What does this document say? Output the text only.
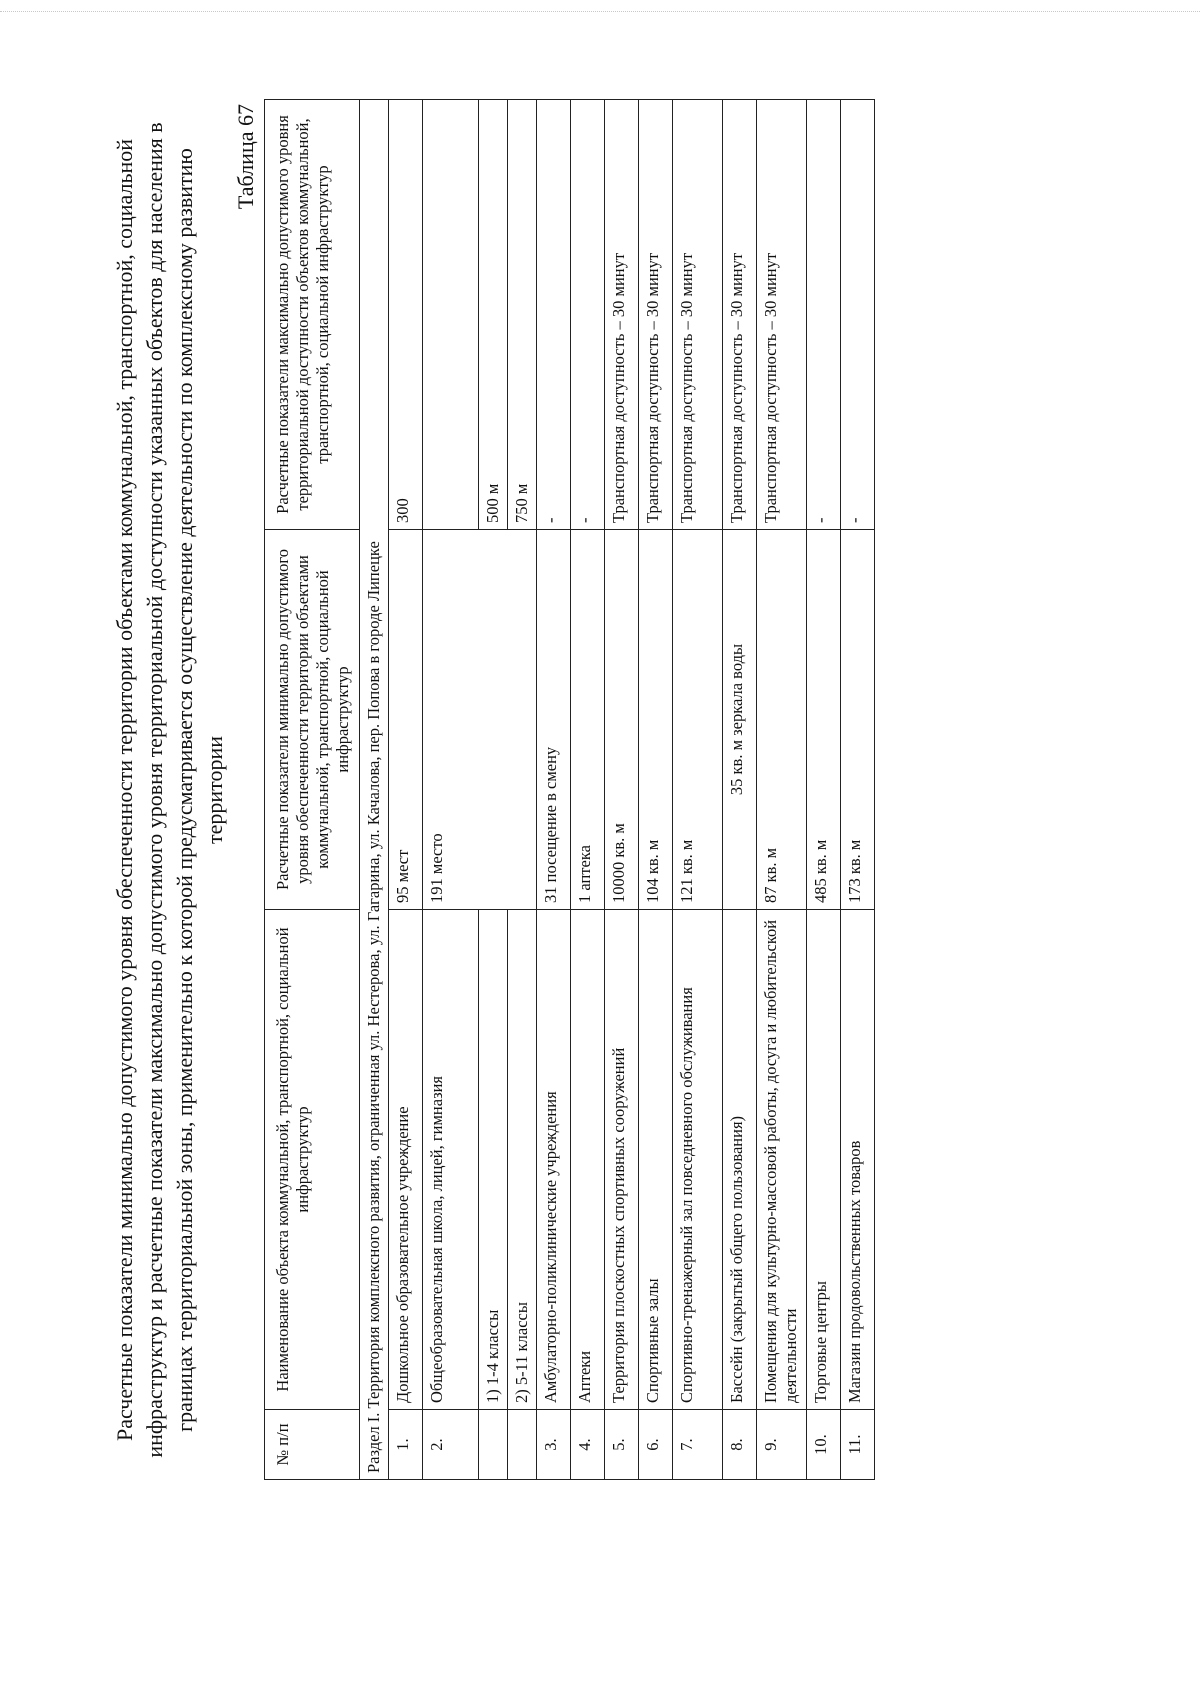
Расчетные показатели минимально допустимого уровня обеспеченности территории объектами коммунальной, транспортной, социальной инфраструктур и расчетные показатели максимально допустимого уровня территориальной доступности указанных объектов для населения в границах территориальной зоны, применительно к которой предусматривается осуществление деятельности по комплексному развитию территории
Таблица 67
№ п/п	Наименование объекта коммунальной, транспортной, социальной инфраструктур	Расчетные показатели минимально допустимого уровня обеспеченности территории объектами коммунальной, транспортной, социальной инфраструктур	Расчетные показатели максимально допустимого уровня территориальной доступности объектов коммунальной, транспортной, социальной инфраструктур
Раздел I. Территория комплексного развития, ограниченная ул. Нестерова, ул. Гагарина, ул. Качалова, пер. Попова в городе Липецке			
1.	Дошкольное образовательное учреждение	95 мест	300
2.	Общеобразовательная школа, лицей, гимназия	191 место	
	1) 1-4 классы		500 м
	2) 5-11 классы		750 м
3.	Амбулаторно-поликлинические учреждения	31 посещение в смену	-
4.	Аптеки	1 аптека	-
5.	Территория плоскостных спортивных сооружений	10000 кв. м	Транспортная доступность – 30 минут
6.	Спортивные залы	104 кв. м	Транспортная доступность – 30 минут
7.	Спортивно-тренажерный зал повседневного обслуживания	121 кв. м	Транспортная доступность – 30 минут
8.	Бассейн (закрытый общего пользования)	35 кв. м зеркала воды	Транспортная доступность – 30 минут
9.	Помещения для культурно-массовой работы, досуга и любительской деятельности	87 кв. м	Транспортная доступность – 30 минут
10.	Торговые центры	485 кв. м	-
11.	Магазин продовольственных товаров	173 кв. м	-
